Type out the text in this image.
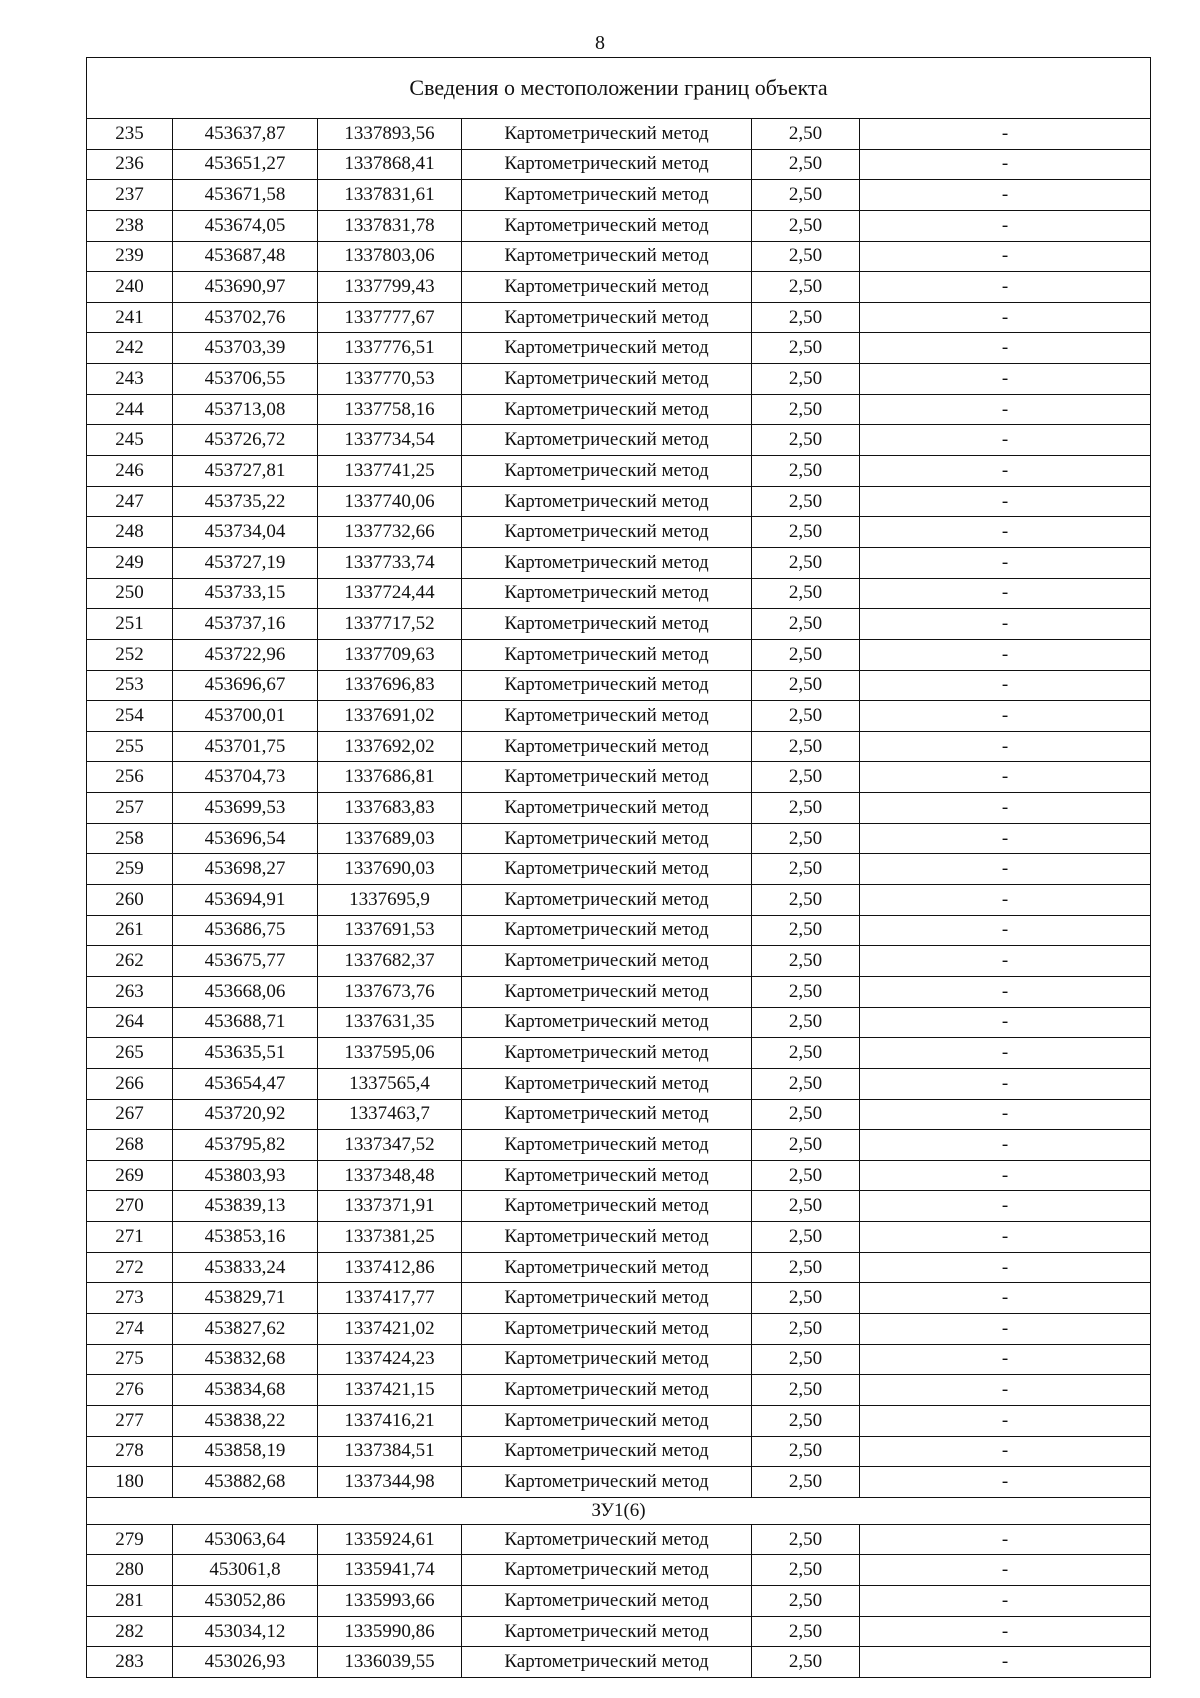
8
Сведения о местоположении границ объекта					
235	453637,87	1337893,56	Картометрический метод	2,50	-
236	453651,27	1337868,41	Картометрический метод	2,50	-
237	453671,58	1337831,61	Картометрический метод	2,50	-
238	453674,05	1337831,78	Картометрический метод	2,50	-
239	453687,48	1337803,06	Картометрический метод	2,50	-
240	453690,97	1337799,43	Картометрический метод	2,50	-
241	453702,76	1337777,67	Картометрический метод	2,50	-
242	453703,39	1337776,51	Картометрический метод	2,50	-
243	453706,55	1337770,53	Картометрический метод	2,50	-
244	453713,08	1337758,16	Картометрический метод	2,50	-
245	453726,72	1337734,54	Картометрический метод	2,50	-
246	453727,81	1337741,25	Картометрический метод	2,50	-
247	453735,22	1337740,06	Картометрический метод	2,50	-
248	453734,04	1337732,66	Картометрический метод	2,50	-
249	453727,19	1337733,74	Картометрический метод	2,50	-
250	453733,15	1337724,44	Картометрический метод	2,50	-
251	453737,16	1337717,52	Картометрический метод	2,50	-
252	453722,96	1337709,63	Картометрический метод	2,50	-
253	453696,67	1337696,83	Картометрический метод	2,50	-
254	453700,01	1337691,02	Картометрический метод	2,50	-
255	453701,75	1337692,02	Картометрический метод	2,50	-
256	453704,73	1337686,81	Картометрический метод	2,50	-
257	453699,53	1337683,83	Картометрический метод	2,50	-
258	453696,54	1337689,03	Картометрический метод	2,50	-
259	453698,27	1337690,03	Картометрический метод	2,50	-
260	453694,91	1337695,9	Картометрический метод	2,50	-
261	453686,75	1337691,53	Картометрический метод	2,50	-
262	453675,77	1337682,37	Картометрический метод	2,50	-
263	453668,06	1337673,76	Картометрический метод	2,50	-
264	453688,71	1337631,35	Картометрический метод	2,50	-
265	453635,51	1337595,06	Картометрический метод	2,50	-
266	453654,47	1337565,4	Картометрический метод	2,50	-
267	453720,92	1337463,7	Картометрический метод	2,50	-
268	453795,82	1337347,52	Картометрический метод	2,50	-
269	453803,93	1337348,48	Картометрический метод	2,50	-
270	453839,13	1337371,91	Картометрический метод	2,50	-
271	453853,16	1337381,25	Картометрический метод	2,50	-
272	453833,24	1337412,86	Картометрический метод	2,50	-
273	453829,71	1337417,77	Картометрический метод	2,50	-
274	453827,62	1337421,02	Картометрический метод	2,50	-
275	453832,68	1337424,23	Картометрический метод	2,50	-
276	453834,68	1337421,15	Картометрический метод	2,50	-
277	453838,22	1337416,21	Картометрический метод	2,50	-
278	453858,19	1337384,51	Картометрический метод	2,50	-
180	453882,68	1337344,98	Картометрический метод	2,50	-
ЗУ1(6)					
279	453063,64	1335924,61	Картометрический метод	2,50	-
280	453061,8	1335941,74	Картометрический метод	2,50	-
281	453052,86	1335993,66	Картометрический метод	2,50	-
282	453034,12	1335990,86	Картометрический метод	2,50	-
283	453026,93	1336039,55	Картометрический метод	2,50	-
